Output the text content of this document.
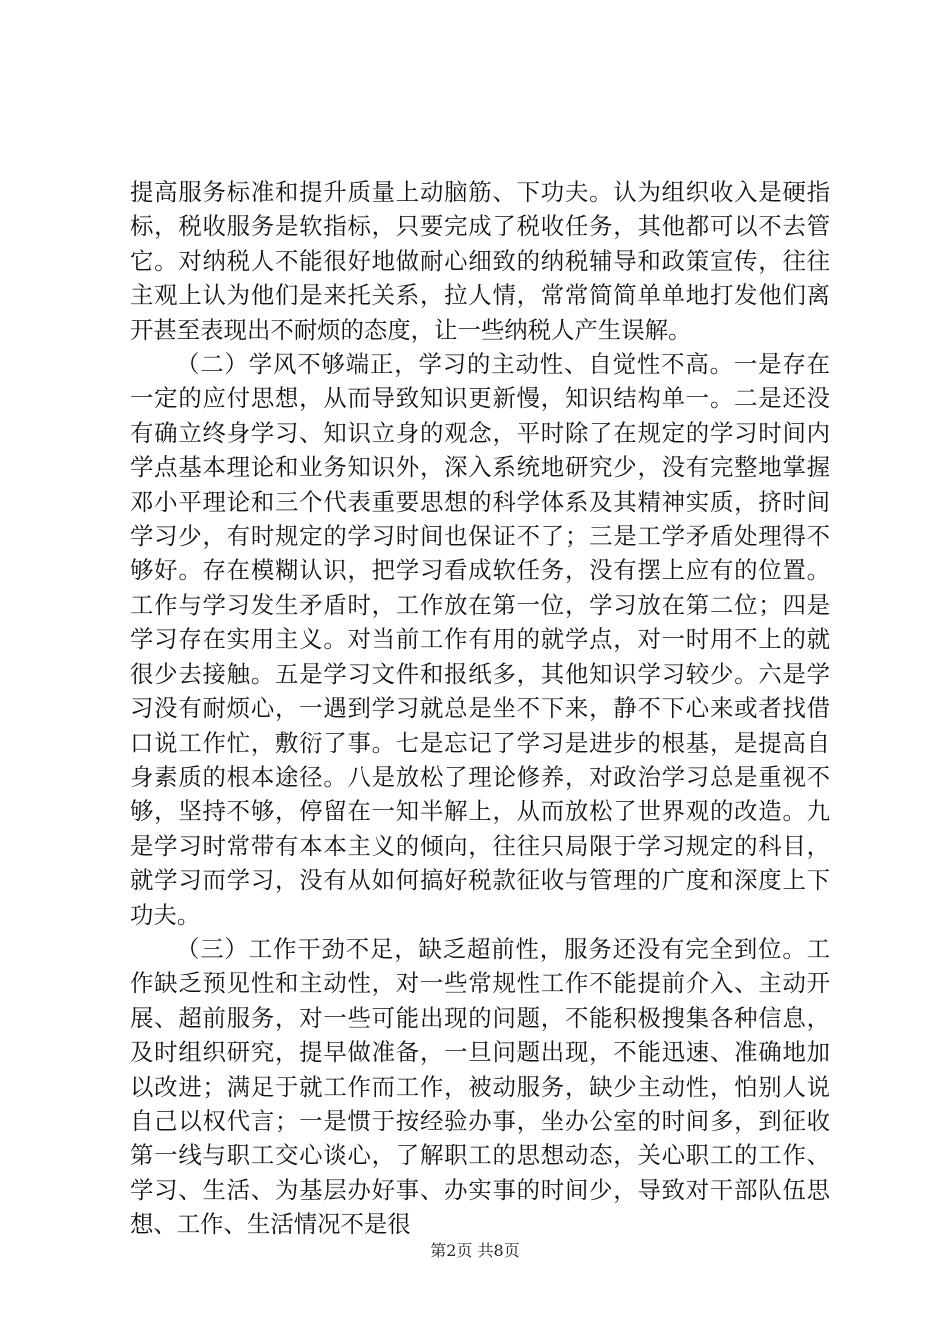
提高服务标准和提升质量上动脑筋、下功夫。认为组织收入是硬指标，税收服务是软指标，只要完成了税收任务，其他都可以不去管它。对纳税人不能很好地做耐心细致的纳税辅导和政策宣传，往往主观上认为他们是来托关系，拉人情，常常简简单单地打发他们离开甚至表现出不耐烦的态度，让一些纳税人产生误解。

（二）学风不够端正，学习的主动性、自觉性不高。一是存在一定的应付思想，从而导致知识更新慢，知识结构单一。二是还没有确立终身学习、知识立身的观念，平时除了在规定的学习时间内学点基本理论和业务知识外，深入系统地研究少，没有完整地掌握邓小平理论和三个代表重要思想的科学体系及其精神实质，挤时间学习少，有时规定的学习时间也保证不了；三是工学矛盾处理得不够好。存在模糊认识，把学习看成软任务，没有摆上应有的位置。工作与学习发生矛盾时，工作放在第一位，学习放在第二位；四是学习存在实用主义。对当前工作有用的就学点，对一时用不上的就很少去接触。五是学习文件和报纸多，其他知识学习较少。六是学习没有耐烦心，一遇到学习就总是坐不下来，静不下心来或者找借口说工作忙，敷衍了事。七是忘记了学习是进步的根基，是提高自身素质的根本途径。八是放松了理论修养，对政治学习总是重视不够，坚持不够，停留在一知半解上，从而放松了世界观的改造。九是学习时常带有本本主义的倾向，往往只局限于学习规定的科目，就学习而学习，没有从如何搞好税款征收与管理的广度和深度上下功夫。

（三）工作干劲不足，缺乏超前性，服务还没有完全到位。工作缺乏预见性和主动性，对一些常规性工作不能提前介入、主动开展、超前服务，对一些可能出现的问题，不能积极搜集各种信息，及时组织研究，提早做准备，一旦问题出现，不能迅速、准确地加以改进；满足于就工作而工作，被动服务，缺少主动性，怕别人说自己以权代言；一是惯于按经验办事，坐办公室的时间多，到征收第一线与职工交心谈心，了解职工的思想动态，关心职工的工作、学习、生活、为基层办好事、办实事的时间少，导致对干部队伍思想、工作、生活情况不是很

第2页 共8页
